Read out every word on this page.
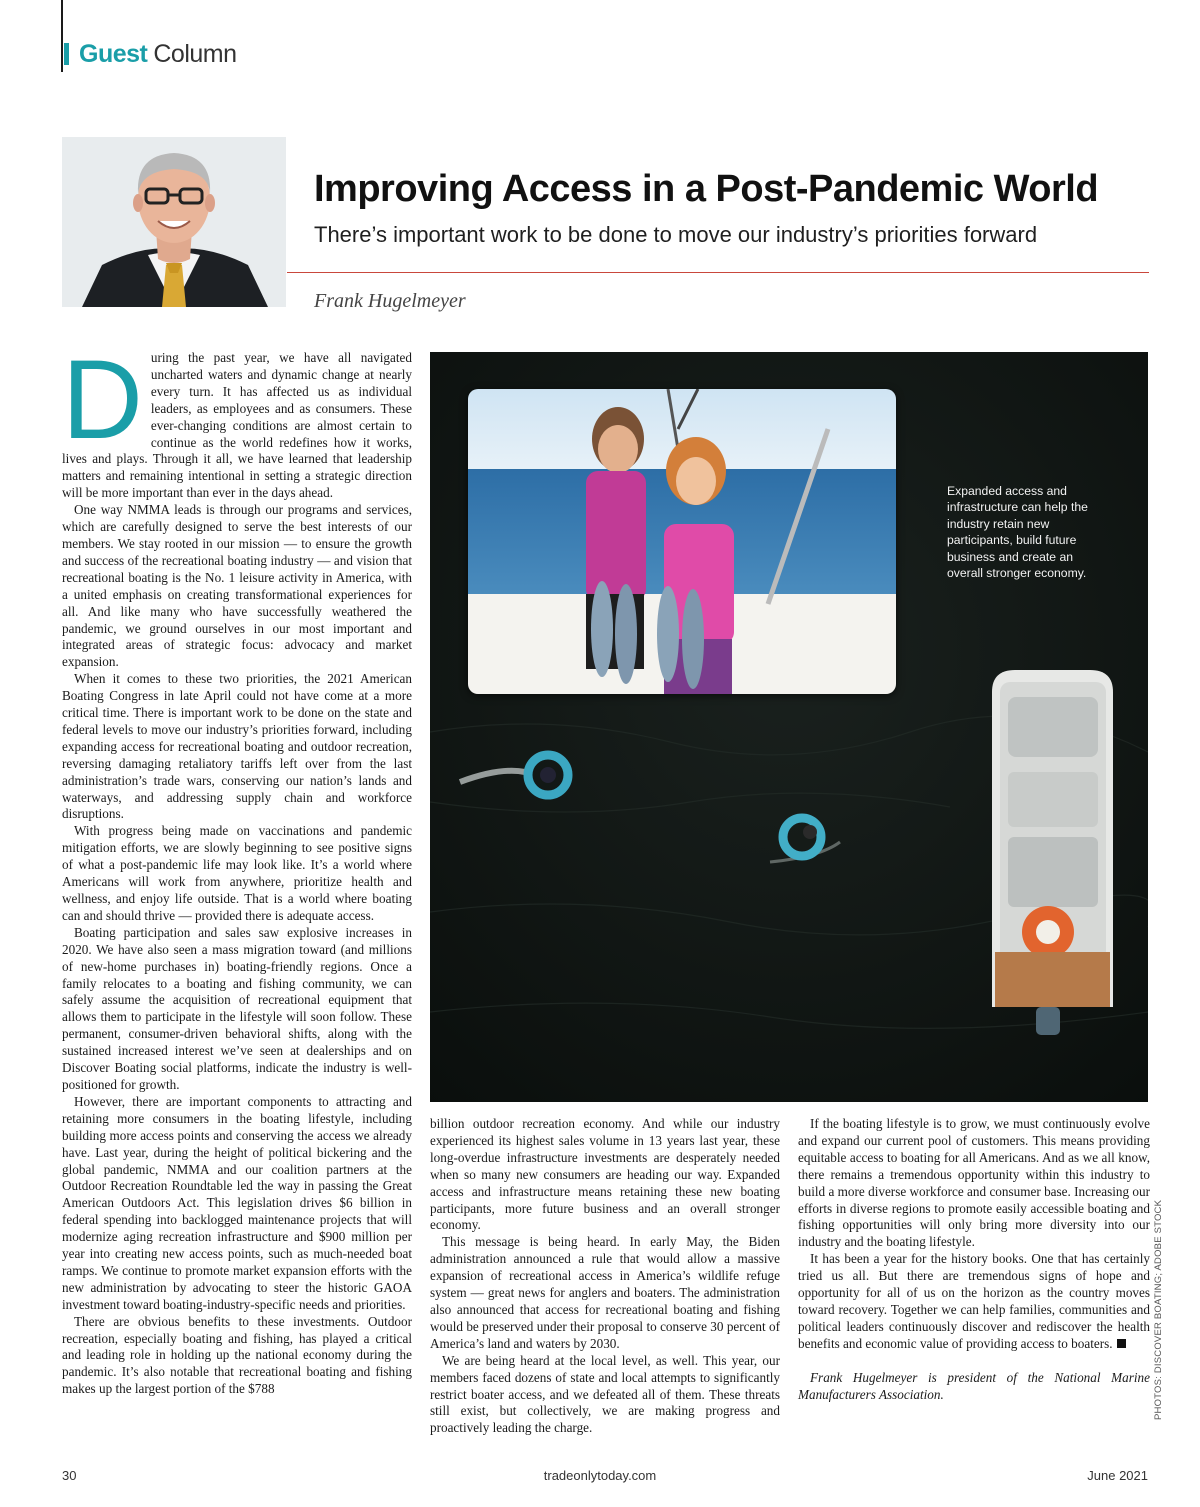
Guest Column
Improving Access in a Post-Pandemic World

There’s important work to be done to move our industry’s priorities forward

Frank Hugelmeyer

During the past year, we have all navigated uncharted waters and dynamic change at nearly every turn. It has affected us as individual leaders, as employees and as consumers. These ever-changing conditions are almost certain to continue as the world redefines how it works, lives and plays. Through it all, we have learned that leadership matters and remaining intentional in setting a strategic direction will be more important than ever in the days ahead.

One way NMMA leads is through our programs and services, which are carefully designed to serve the best interests of our members. We stay rooted in our mission — to ensure the growth and success of the recreational boating industry — and vision that recreational boating is the No. 1 leisure activity in America, with a united emphasis on creating transformational experiences for all. And like many who have successfully weathered the pandemic, we ground ourselves in our most important and integrated areas of strategic focus: advocacy and market expansion.

When it comes to these two priorities, the 2021 American Boating Congress in late April could not have come at a more critical time. There is important work to be done on the state and federal levels to move our industry’s priorities forward, including expanding access for recreational boating and outdoor recreation, reversing damaging retaliatory tariffs left over from the last administration’s trade wars, conserving our nation’s lands and waterways, and addressing supply chain and workforce disruptions.

With progress being made on vaccinations and pandemic mitigation efforts, we are slowly beginning to see positive signs of what a post-pandemic life may look like. It’s a world where Americans will work from anywhere, prioritize health and wellness, and enjoy life outside. That is a world where boating can and should thrive — provided there is adequate access.

Boating participation and sales saw explosive increases in 2020. We have also seen a mass migration toward (and millions of new-home purchases in) boating-friendly regions. Once a family relocates to a boating and fishing community, we can safely assume the acquisition of recreational equipment that allows them to participate in the lifestyle will soon follow. These permanent, consumer-driven behavioral shifts, along with the sustained increased interest we’ve seen at dealerships and on Discover Boating social platforms, indicate the industry is well-positioned for growth.

However, there are important components to attracting and retaining more consumers in the boating lifestyle, including building more access points and conserving the access we already have. Last year, during the height of political bickering and the global pandemic, NMMA and our coalition partners at the Outdoor Recreation Roundtable led the way in passing the Great American Outdoors Act. This legislation drives $6 billion in federal spending into backlogged maintenance projects that will modernize aging recreation infrastructure and $900 million per year into creating new access points, such as much-needed boat ramps. We continue to promote market expansion efforts with the new administration by advocating to steer the historic GAOA investment toward boating-industry-specific needs and priorities.

There are obvious benefits to these investments. Outdoor recreation, especially boating and fishing, has played a critical and leading role in holding up the national economy during the pandemic. It’s also notable that recreational boating and fishing makes up the largest portion of the $788

Expanded access and infrastructure can help the industry retain new participants, build future business and create an overall stronger economy.

billion outdoor recreation economy. And while our industry experienced its highest sales volume in 13 years last year, these long-overdue infrastructure investments are desperately needed when so many new consumers are heading our way. Expanded access and infrastructure means retaining these new boating participants, more future business and an overall stronger economy.

This message is being heard. In early May, the Biden administration announced a rule that would allow a massive expansion of recreational access in America’s wildlife refuge system — great news for anglers and boaters. The administration also announced that access for recreational boating and fishing would be preserved under their proposal to conserve 30 percent of America’s land and waters by 2030.

We are being heard at the local level, as well. This year, our members faced dozens of state and local attempts to significantly restrict boater access, and we defeated all of them. These threats still exist, but collectively, we are making progress and proactively leading the charge.

If the boating lifestyle is to grow, we must continuously evolve and expand our current pool of customers. This means providing equitable access to boating for all Americans. And as we all know, there remains a tremendous opportunity within this industry to build a more diverse workforce and consumer base. Increasing our efforts in diverse regions to promote easily accessible boating and fishing opportunities will only bring more diversity into our industry and the boating lifestyle.

It has been a year for the history books. One that has certainly tried us all. But there are tremendous signs of hope and opportunity for all of us on the horizon as the country moves toward recovery. Together we can help families, communities and political leaders continuously discover and rediscover the health benefits and economic value of providing access to boaters.

Frank Hugelmeyer is president of the National Marine Manufacturers Association.	PHOTOS: DISCOVER BOATING; ADOBE STOCK
30	tradeonlytoday.com	June 2021
